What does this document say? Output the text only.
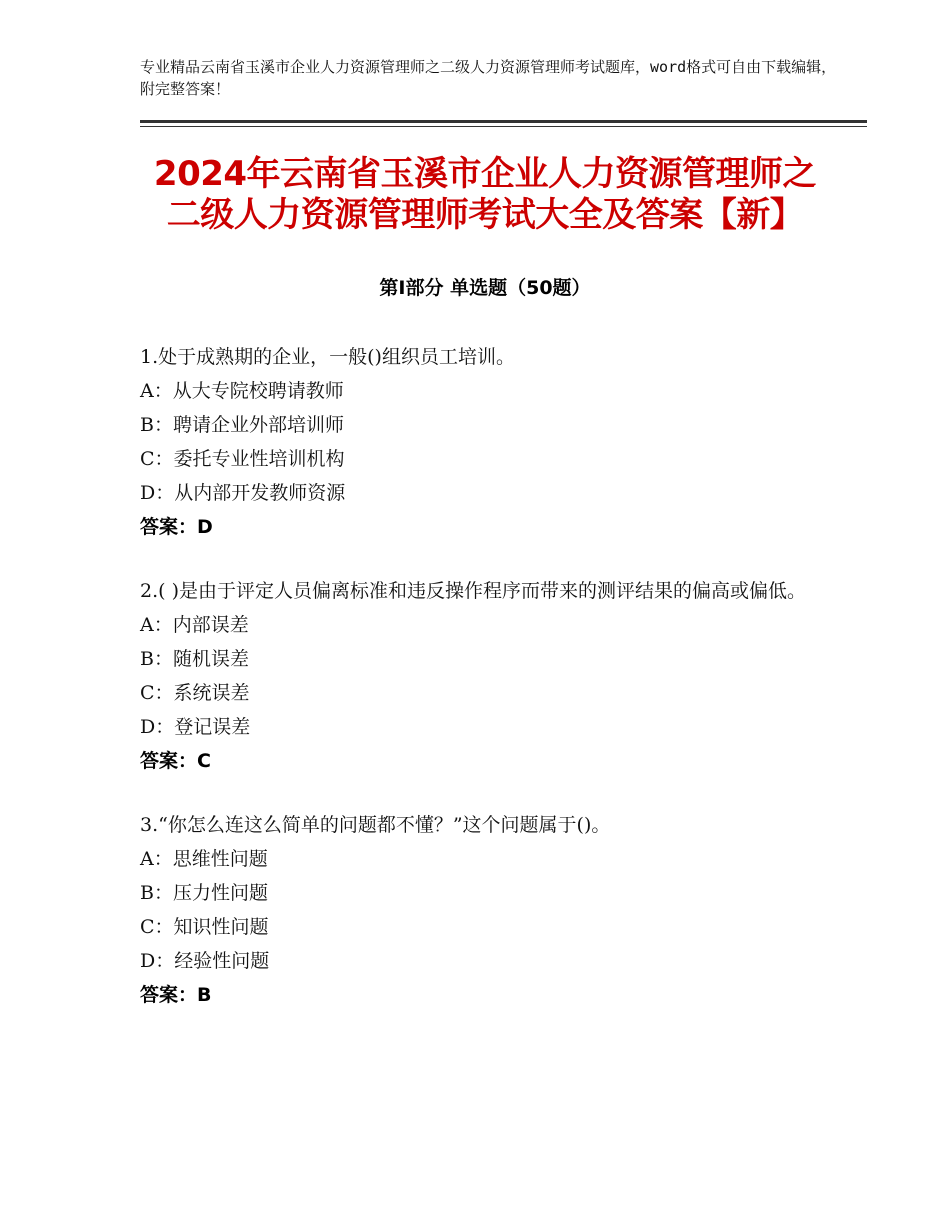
专业精品云南省玉溪市企业人力资源管理师之二级人力资源管理师考试题库，word格式可自由下载编辑，附完整答案！
2024年云南省玉溪市企业人力资源管理师之二级人力资源管理师考试大全及答案【新】
第Ⅰ部分 单选题（50题）
1.处于成熟期的企业，一般()组织员工培训。
A：从大专院校聘请教师
B：聘请企业外部培训师
C：委托专业性培训机构
D：从内部开发教师资源
答案：D
2.( )是由于评定人员偏离标准和违反操作程序而带来的测评结果的偏高或偏低。
A：内部误差
B：随机误差
C：系统误差
D：登记误差
答案：C
3.“你怎么连这么简单的问题都不懂？”这个问题属于()。
A：思维性问题
B：压力性问题
C：知识性问题
D：经验性问题
答案：B
